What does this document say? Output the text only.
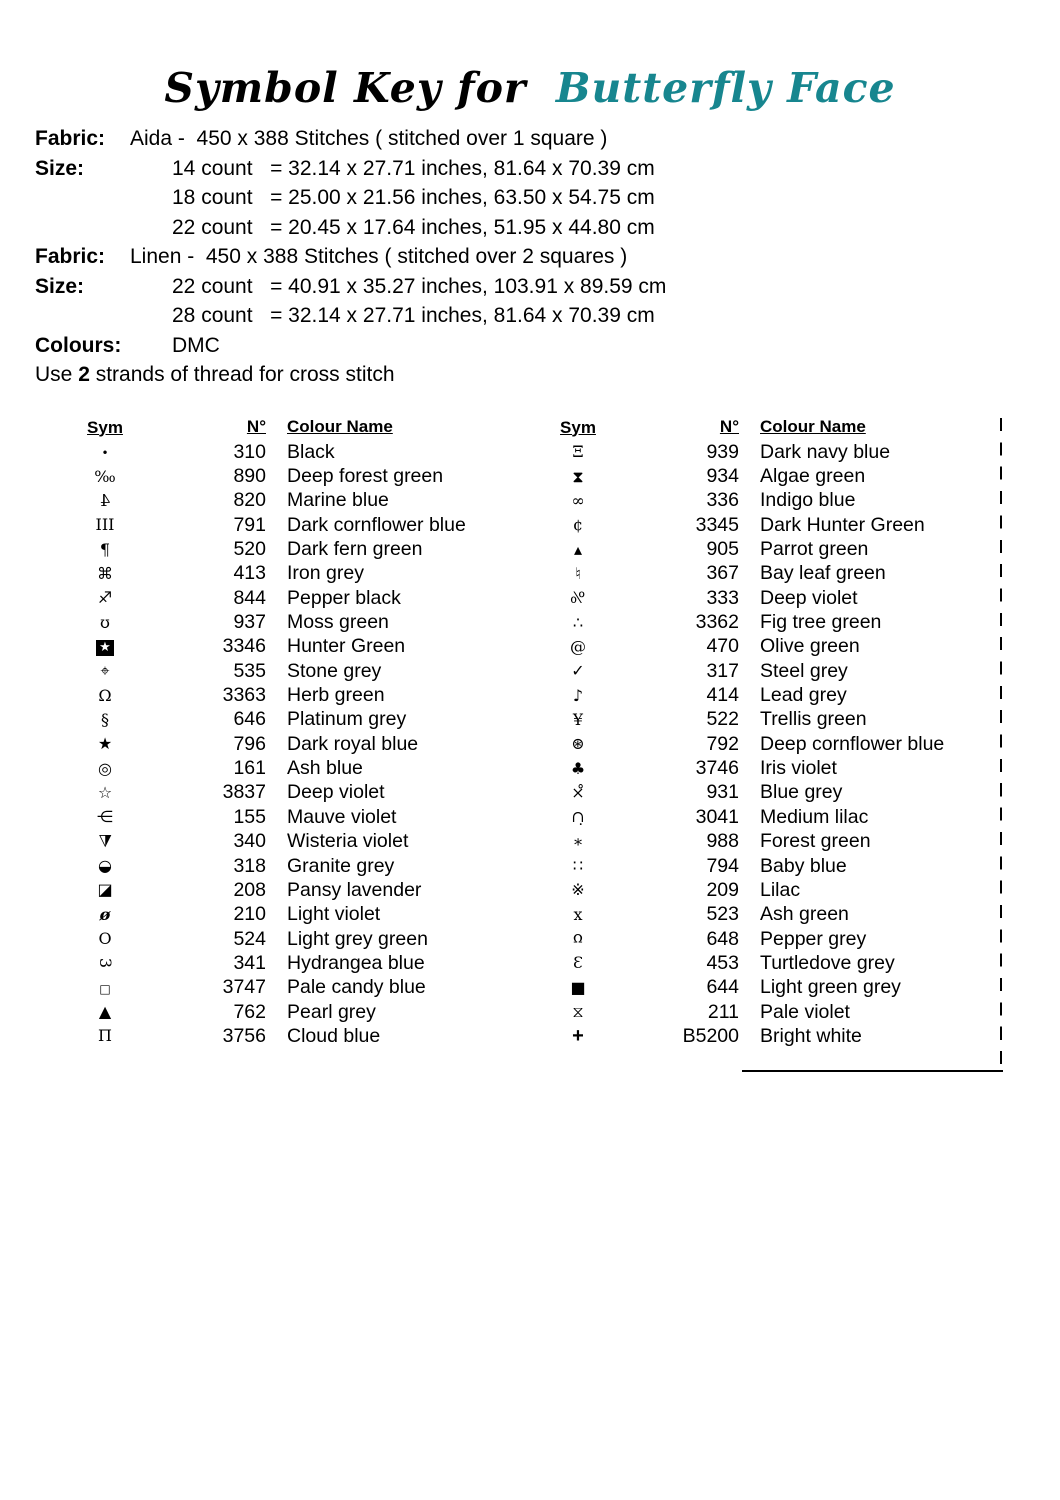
Symbol Key for Butterfly Face
Fabric: Aida -  450 x 388 Stitches ( stitched over 1 square )
Size:	14 count   = 32.14 x 27.71 inches, 81.64 x 70.39 cm
18 count   = 25.00 x 21.56 inches, 63.50 x 54.75 cm
22 count   = 20.45 x 17.64 inches, 51.95 x 44.80 cm
Fabric: Linen -  450 x 388 Stitches ( stitched over 2 squares )
Size:	22 count   = 40.91 x 35.27 inches, 103.91 x 89.59 cm
28 count   = 32.14 x 27.71 inches, 81.64 x 70.39 cm
Colours: DMC
Use 2 strands of thread for cross stitch
Sym	N°	Colour Name
•	310	Black
‰	890	Deep forest green
4	820	Marine blue
III	791	Dark cornflower blue
¶	520	Dark fern green
⌘	413	Iron grey
♐	844	Pepper black
ʊ	937	Moss green
★	3346	Hunter Green
⌖	535	Stone grey
Ω	3363	Herb green
§	646	Platinum grey
★	796	Dark royal blue
◎	161	Ash blue
☆	3837	Deep violet
⋲	155	Mauve violet
◭	340	Wisteria violet
◒	318	Granite grey
◪	208	Pansy lavender
ø	210	Light violet
O	524	Light grey green
3	341	Hydrangea blue
□	3747	Pale candy blue
▲	762	Pearl grey
Π	3756	Cloud blue
Sym	N°	Colour Name
Ξ	939	Dark navy blue
⧗	934	Algae green
∞	336	Indigo blue
¢	3345	Dark Hunter Green
▴	905	Parrot green
♮	367	Bay leaf green
%	333	Deep violet
∴	3362	Fig tree green
@	470	Olive green
✓	317	Steel grey
♪	414	Lead grey
¥	522	Trellis green
⊛	792	Deep cornflower blue
♣	3746	Iris violet
×̊	931	Blue grey
∩̣	3041	Medium lilac
∗	988	Forest green
∷	794	Baby blue
※	209	Lilac
x	523	Ash green
ʊ	648	Pepper grey
Ɛ	453	Turtledove grey
■	644	Light green grey
⧖	211	Pale violet
+	B5200	Bright white
